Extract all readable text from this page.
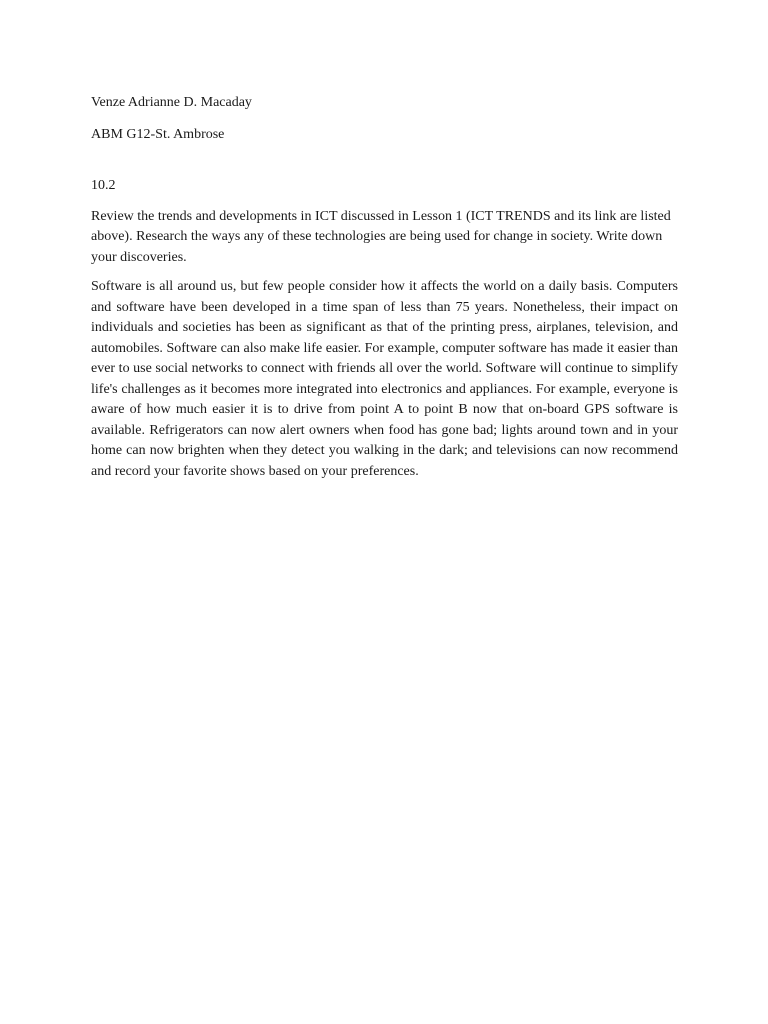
Venze Adrianne D. Macaday

ABM G12-St. Ambrose

10.2

Review the trends and developments in ICT discussed in Lesson 1 (ICT TRENDS and its link are listed above). Research the ways any of these technologies are being used for change in society. Write down your discoveries.

Software is all around us, but few people consider how it affects the world on a daily basis. Computers and software have been developed in a time span of less than 75 years. Nonetheless, their impact on individuals and societies has been as significant as that of the printing press, airplanes, television, and automobiles. Software can also make life easier. For example, computer software has made it easier than ever to use social networks to connect with friends all over the world. Software will continue to simplify life's challenges as it becomes more integrated into electronics and appliances. For example, everyone is aware of how much easier it is to drive from point A to point B now that on-board GPS software is available. Refrigerators can now alert owners when food has gone bad; lights around town and in your home can now brighten when they detect you walking in the dark; and televisions can now recommend and record your favorite shows based on your preferences.
